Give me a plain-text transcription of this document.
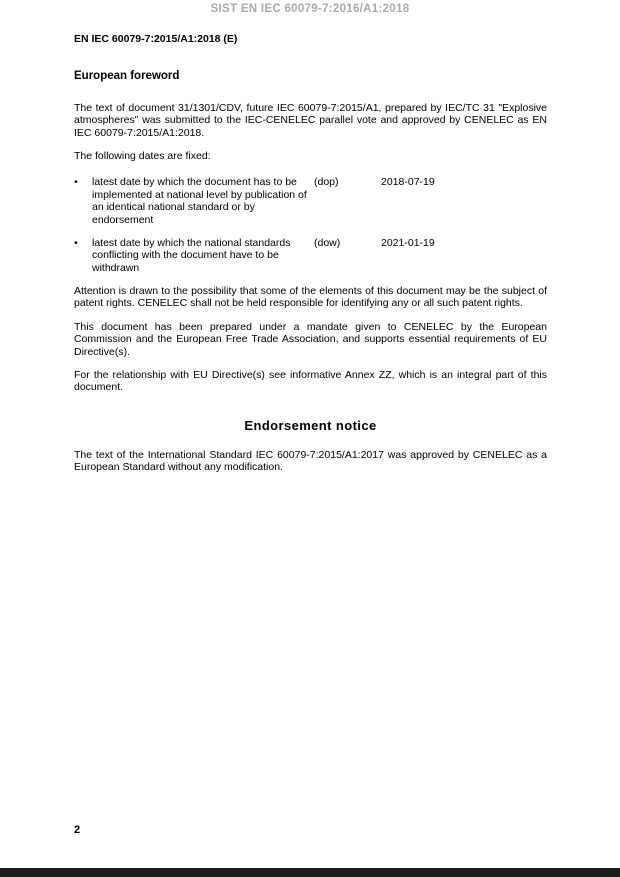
SIST EN IEC 60079-7:2016/A1:2018
EN IEC 60079-7:2015/A1:2018 (E)
European foreword

The text of document 31/1301/CDV, future IEC 60079-7:2015/A1, prepared by IEC/TC 31 "Explosive atmospheres" was submitted to the IEC-CENELEC parallel vote and approved by CENELEC as EN IEC 60079-7:2015/A1:2018.

The following dates are fixed:

•	latest date by which the document has to be implemented at national level by publication of an identical national standard or by endorsement
(dop)	2018-07-19
•	latest date by which the national standards conflicting with the document have to be withdrawn
(dow)	2021-01-19

Attention is drawn to the possibility that some of the elements of this document may be the subject of patent rights. CENELEC shall not be held responsible for identifying any or all such patent rights.

This document has been prepared under a mandate given to CENELEC by the European Commission and the European Free Trade Association, and supports essential requirements of EU Directive(s).

For the relationship with EU Directive(s) see informative Annex ZZ, which is an integral part of this document.

Endorsement notice

The text of the International Standard IEC 60079-7:2015/A1:2017 was approved by CENELEC as a European Standard without any modification.

2
